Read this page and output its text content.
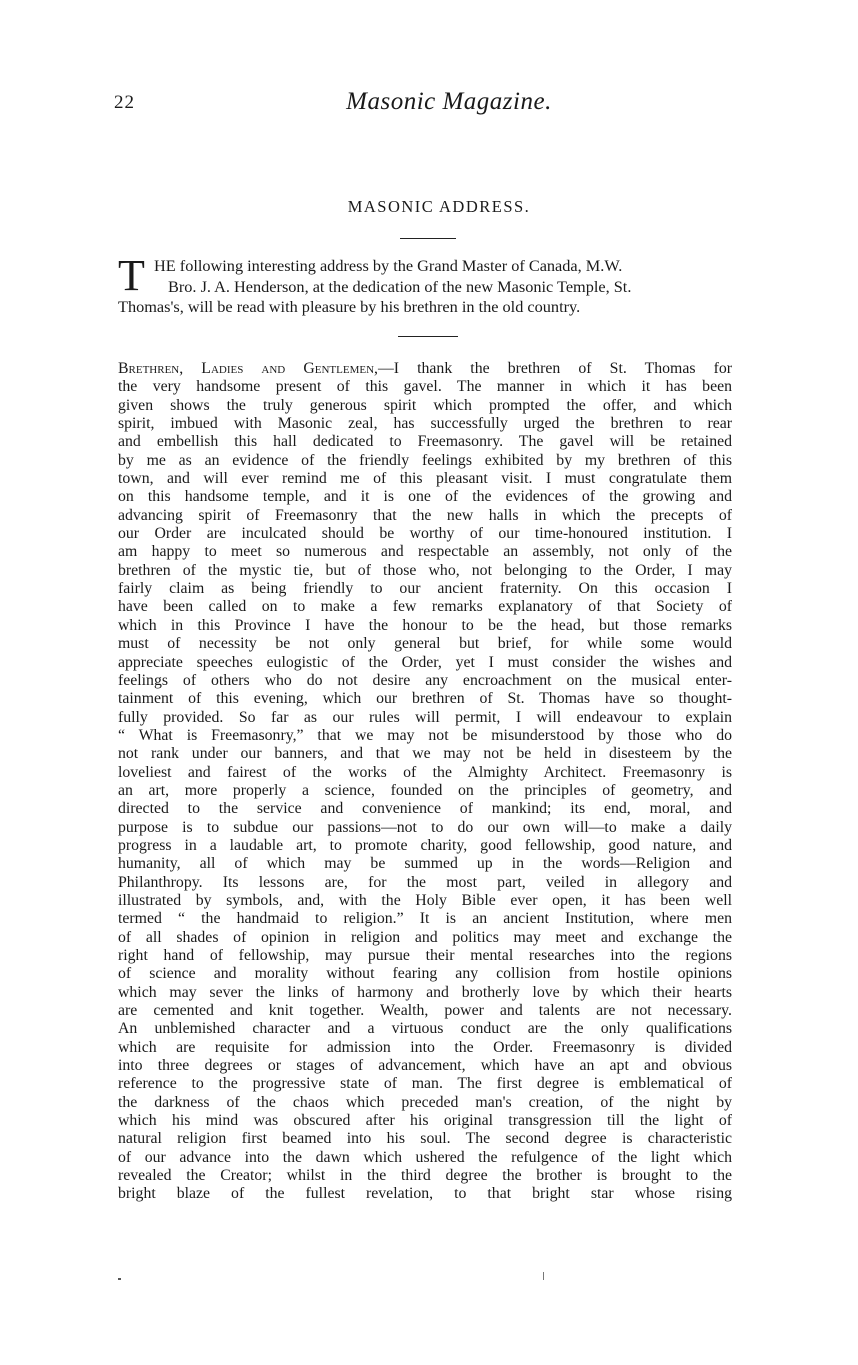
22	Masonic Magazine.
MASONIC ADDRESS.
T HE following interesting address by the Grand Master of Canada, M.W.
Bro. J. A. Henderson, at the dedication of the new Masonic Temple, St.
Thomas's, will be read with pleasure by his brethren in the old country.
Brethren, Ladies and Gentlemen,—I thank the brethren of St. Thomas for
the very handsome present of this gavel. The manner in which it has been
given shows the truly generous spirit which prompted the offer, and which
spirit, imbued with Masonic zeal, has successfully urged the brethren to rear
and embellish this hall dedicated to Freemasonry. The gavel will be retained
by me as an evidence of the friendly feelings exhibited by my brethren of this
town, and will ever remind me of this pleasant visit. I must congratulate them
on this handsome temple, and it is one of the evidences of the growing and
advancing spirit of Freemasonry that the new halls in which the precepts of
our Order are inculcated should be worthy of our time-honoured institution. I
am happy to meet so numerous and respectable an assembly, not only of the
brethren of the mystic tie, but of those who, not belonging to the Order, I may
fairly claim as being friendly to our ancient fraternity. On this occasion I
have been called on to make a few remarks explanatory of that Society of
which in this Province I have the honour to be the head, but those remarks
must of necessity be not only general but brief, for while some would
appreciate speeches eulogistic of the Order, yet I must consider the wishes and
feelings of others who do not desire any encroachment on the musical enter-
tainment of this evening, which our brethren of St. Thomas have so thought-
fully provided. So far as our rules will permit, I will endeavour to explain
“ What is Freemasonry,” that we may not be misunderstood by those who do
not rank under our banners, and that we may not be held in disesteem by the
loveliest and fairest of the works of the Almighty Architect. Freemasonry is
an art, more properly a science, founded on the principles of geometry, and
directed to the service and convenience of mankind; its end, moral, and
purpose is to subdue our passions—not to do our own will—to make a daily
progress in a laudable art, to promote charity, good fellowship, good nature, and
humanity, all of which may be summed up in the words—Religion and
Philanthropy. Its lessons are, for the most part, veiled in allegory and
illustrated by symbols, and, with the Holy Bible ever open, it has been well
termed “ the handmaid to religion.” It is an ancient Institution, where men
of all shades of opinion in religion and politics may meet and exchange the
right hand of fellowship, may pursue their mental researches into the regions
of science and morality without fearing any collision from hostile opinions
which may sever the links of harmony and brotherly love by which their hearts
are cemented and knit together. Wealth, power and talents are not necessary.
An unblemished character and a virtuous conduct are the only qualifications
which are requisite for admission into the Order. Freemasonry is divided
into three degrees or stages of advancement, which have an apt and obvious
reference to the progressive state of man. The first degree is emblematical of
the darkness of the chaos which preceded man's creation, of the night by
which his mind was obscured after his original transgression till the light of
natural religion first beamed into his soul. The second degree is characteristic
of our advance into the dawn which ushered the refulgence of the light which
revealed the Creator; whilst in the third degree the brother is brought to the
bright blaze of the fullest revelation, to that bright star whose rising
